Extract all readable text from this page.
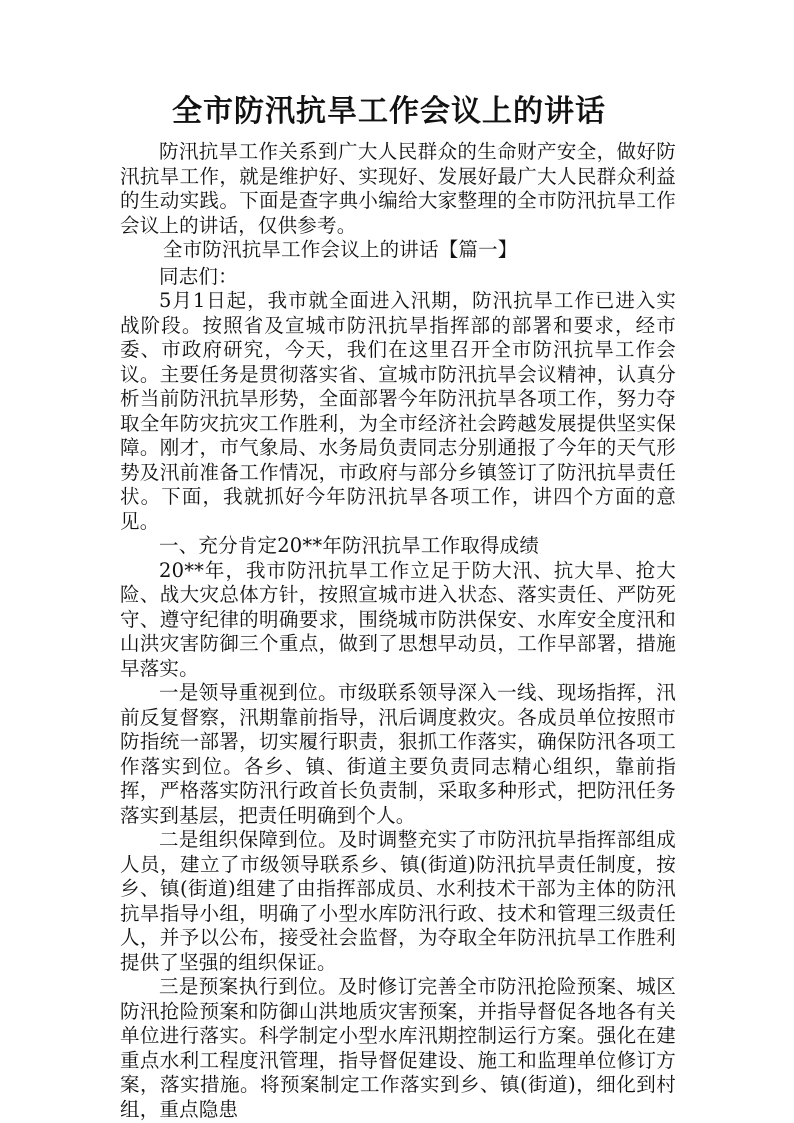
全市防汛抗旱工作会议上的讲话

防汛抗旱工作关系到广大人民群众的生命财产安全，做好防汛抗旱工作，就是维护好、实现好、发展好最广大人民群众利益的生动实践。下面是查字典小编给大家整理的全市防汛抗旱工作会议上的讲话，仅供参考。

全市防汛抗旱工作会议上的讲话【篇一】

同志们：

5月1日起，我市就全面进入汛期，防汛抗旱工作已进入实战阶段。按照省及宣城市防汛抗旱指挥部的部署和要求，经市委、市政府研究，今天，我们在这里召开全市防汛抗旱工作会议。主要任务是贯彻落实省、宣城市防汛抗旱会议精神，认真分析当前防汛抗旱形势，全面部署今年防汛抗旱各项工作，努力夺取全年防灾抗灾工作胜利，为全市经济社会跨越发展提供坚实保障。刚才，市气象局、水务局负责同志分别通报了今年的天气形势及汛前准备工作情况，市政府与部分乡镇签订了防汛抗旱责任状。下面，我就抓好今年防汛抗旱各项工作，讲四个方面的意见。

一、充分肯定20**年防汛抗旱工作取得成绩

20**年，我市防汛抗旱工作立足于防大汛、抗大旱、抢大险、战大灾总体方针，按照宣城市进入状态、落实责任、严防死守、遵守纪律的明确要求，围绕城市防洪保安、水库安全度汛和山洪灾害防御三个重点，做到了思想早动员，工作早部署，措施早落实。

一是领导重视到位。市级联系领导深入一线、现场指挥，汛前反复督察，汛期靠前指导，汛后调度救灾。各成员单位按照市防指统一部署，切实履行职责，狠抓工作落实，确保防汛各项工作落实到位。各乡、镇、街道主要负责同志精心组织，靠前指挥，严格落实防汛行政首长负责制，采取多种形式，把防汛任务落实到基层，把责任明确到个人。

二是组织保障到位。及时调整充实了市防汛抗旱指挥部组成人员，建立了市级领导联系乡、镇(街道)防汛抗旱责任制度，按乡、镇(街道)组建了由指挥部成员、水利技术干部为主体的防汛抗旱指导小组，明确了小型水库防汛行政、技术和管理三级责任人，并予以公布，接受社会监督，为夺取全年防汛抗旱工作胜利提供了坚强的组织保证。

三是预案执行到位。及时修订完善全市防汛抢险预案、城区防汛抢险预案和防御山洪地质灾害预案，并指导督促各地各有关单位进行落实。科学制定小型水库汛期控制运行方案。强化在建重点水利工程度汛管理，指导督促建设、施工和监理单位修订方案，落实措施。将预案制定工作落实到乡、镇(街道)，细化到村组，重点隐患
